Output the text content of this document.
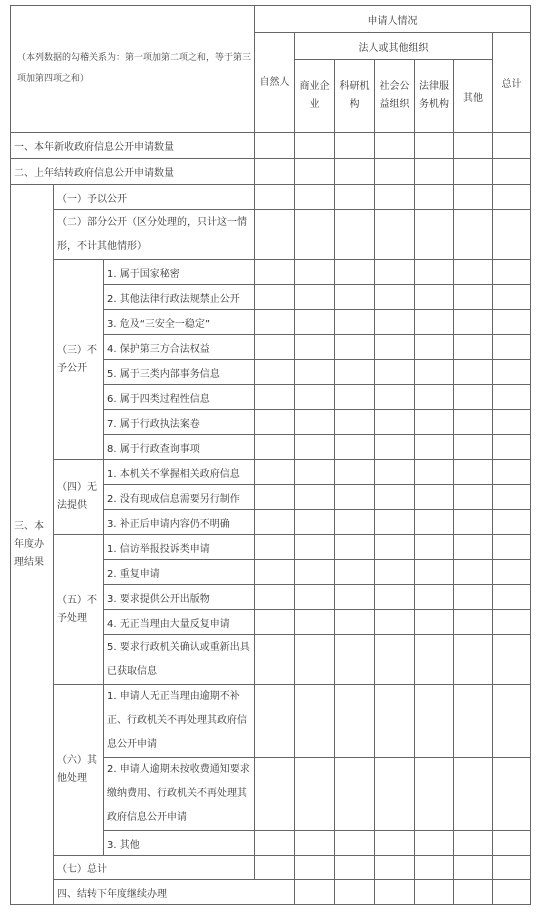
（本列数据的勾稽关系为：第一项加第二项之和，等于第三项加第四项之和）			申请人情况							
			自然人	法人或其他组织					总计	
				商业企业	科研机构	社会公益组织	法律服务机构	其他		
一、本年新收政府信息公开申请数量										
二、上年结转政府信息公开申请数量										
三、本年度办理结果	（一）予以公开									
	（二）部分公开（区分处理的，只计这一情形，不计其他情形）									
	（三）不予公开	1. 属于国家秘密								
		2. 其他法律行政法规禁止公开								
		3. 危及“三安全一稳定”								
		4. 保护第三方合法权益								
		5. 属于三类内部事务信息								
		6. 属于四类过程性信息								
		7. 属于行政执法案卷								
		8. 属于行政查询事项								
	（四）无法提供	1. 本机关不掌握相关政府信息								
		2. 没有现成信息需要另行制作								
		3. 补正后申请内容仍不明确								
	（五）不予处理	1. 信访举报投诉类申请								
		2. 重复申请								
		3. 要求提供公开出版物								
		4. 无正当理由大量反复申请								
		5. 要求行政机关确认或重新出具已获取信息								
	（六）其他处理	1. 申请人无正当理由逾期不补正、行政机关不再处理其政府信息公开申请								
		2. 申请人逾期未按收费通知要求缴纳费用、行政机关不再处理其政府信息公开申请								
		3. 其他								
	（七）总计									
	四、结转下年度继续办理									
